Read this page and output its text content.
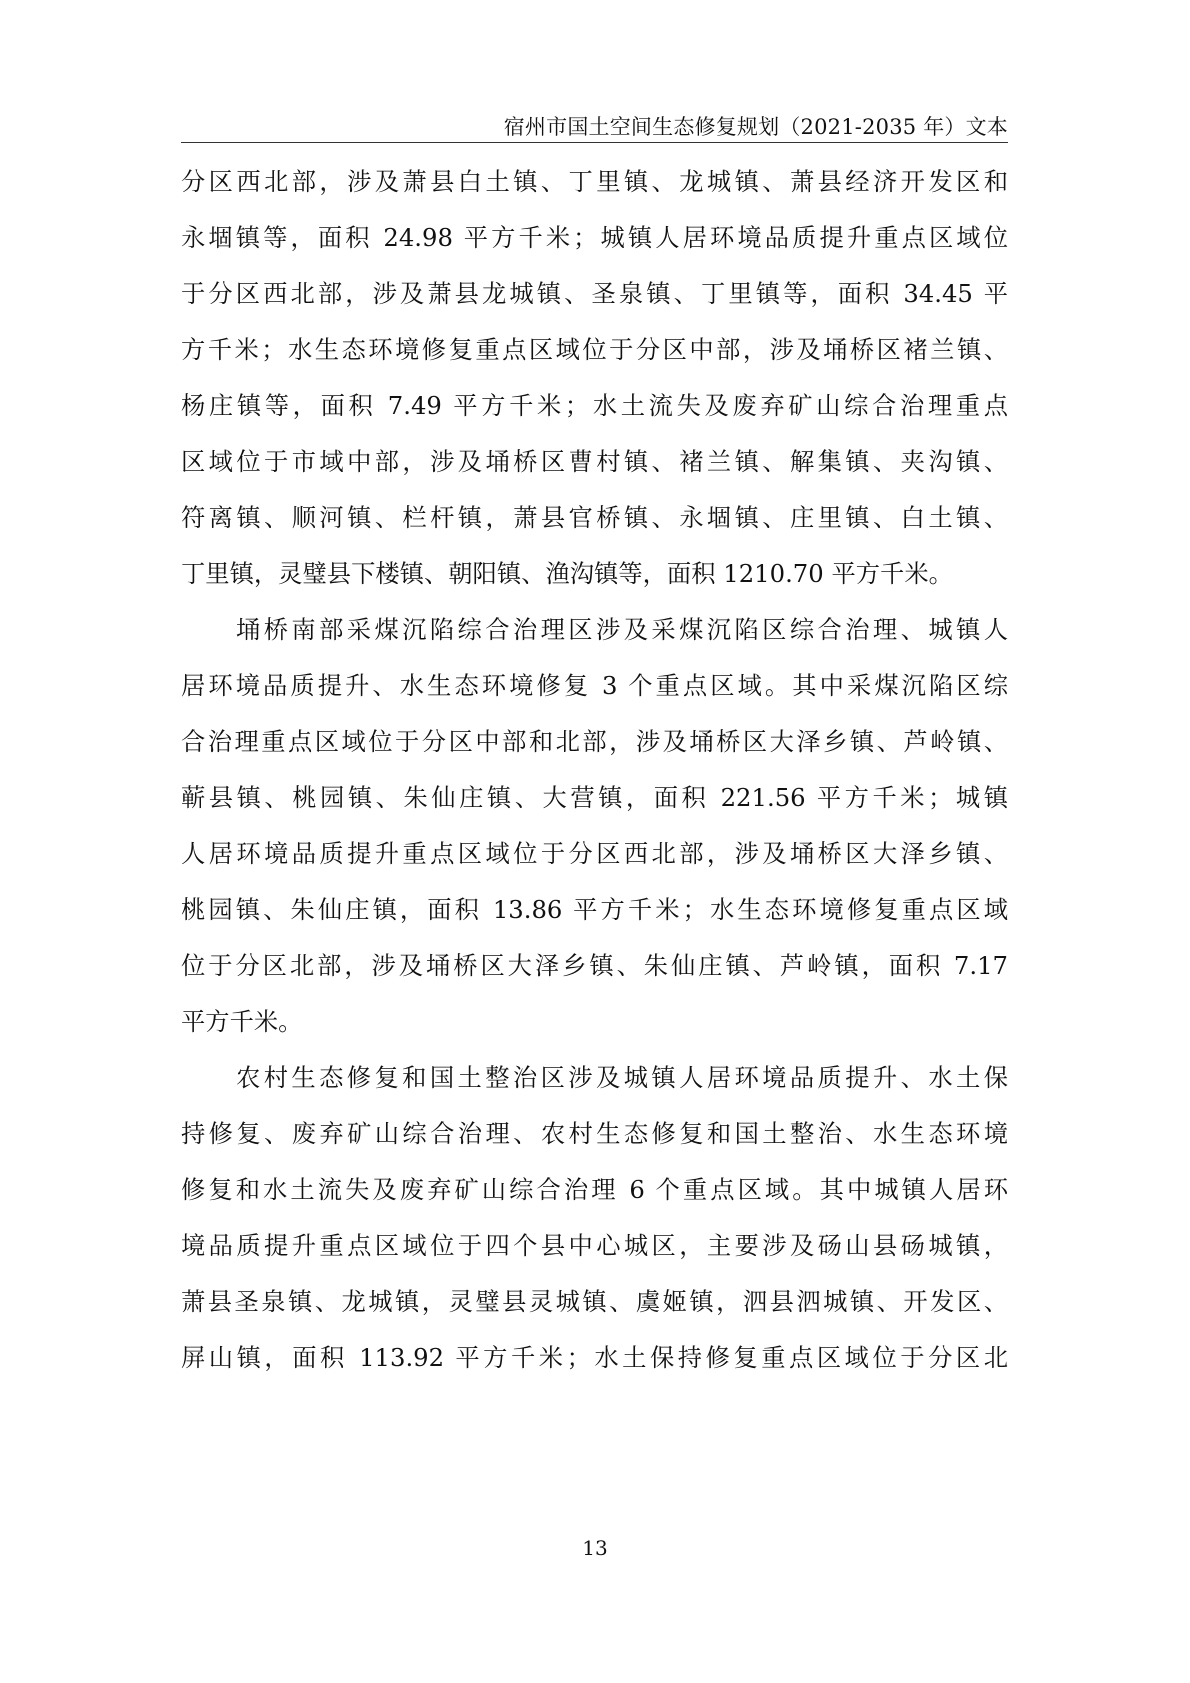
宿州市国土空间生态修复规划（2021-2035 年）文本
分区西北部，涉及萧县白土镇、丁里镇、龙城镇、萧县经济开发区和
永堌镇等，面积 24.98 平方千米；城镇人居环境品质提升重点区域位
于分区西北部，涉及萧县龙城镇、圣泉镇、丁里镇等，面积 34.45 平
方千米；水生态环境修复重点区域位于分区中部，涉及埇桥区褚兰镇、
杨庄镇等，面积 7.49 平方千米；水土流失及废弃矿山综合治理重点
区域位于市域中部，涉及埇桥区曹村镇、褚兰镇、解集镇、夹沟镇、
符离镇、顺河镇、栏杆镇，萧县官桥镇、永堌镇、庄里镇、白土镇、
丁里镇，灵璧县下楼镇、朝阳镇、渔沟镇等，面积 1210.70 平方千米。
埇桥南部采煤沉陷综合治理区涉及采煤沉陷区综合治理、城镇人
居环境品质提升、水生态环境修复 3 个重点区域。其中采煤沉陷区综
合治理重点区域位于分区中部和北部，涉及埇桥区大泽乡镇、芦岭镇、
蕲县镇、桃园镇、朱仙庄镇、大营镇，面积 221.56 平方千米；城镇
人居环境品质提升重点区域位于分区西北部，涉及埇桥区大泽乡镇、
桃园镇、朱仙庄镇，面积 13.86 平方千米；水生态环境修复重点区域
位于分区北部，涉及埇桥区大泽乡镇、朱仙庄镇、芦岭镇，面积 7.17
平方千米。
农村生态修复和国土整治区涉及城镇人居环境品质提升、水土保
持修复、废弃矿山综合治理、农村生态修复和国土整治、水生态环境
修复和水土流失及废弃矿山综合治理 6 个重点区域。其中城镇人居环
境品质提升重点区域位于四个县中心城区，主要涉及砀山县砀城镇，
萧县圣泉镇、龙城镇，灵璧县灵城镇、虞姬镇，泗县泗城镇、开发区、
屏山镇，面积 113.92 平方千米；水土保持修复重点区域位于分区北
13
